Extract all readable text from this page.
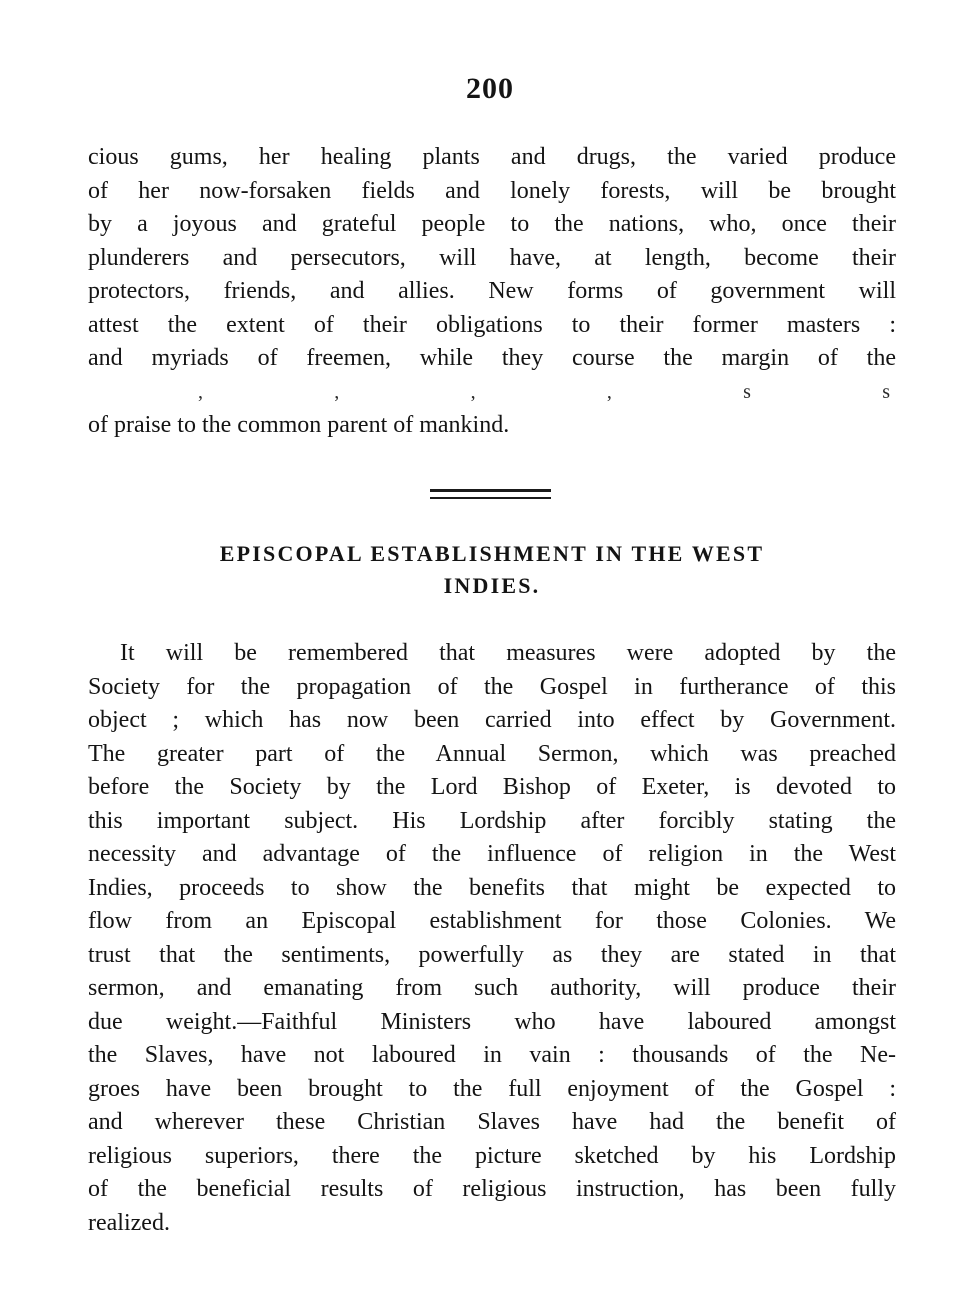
200
cious gums, her healing plants and drugs, the varied produce
of her now-forsaken fields and lonely forests, will be brought
by a joyous and grateful people to the nations, who, once their
plunderers and persecutors, will have, at length, become their
protectors, friends, and allies. New forms of government will
attest the extent of their obligations to their former masters :
and myriads of freemen, while they course the margin of the
,	,	,	,	s	s
of praise to the common parent of mankind.
EPISCOPAL ESTABLISHMENT IN THE WEST
INDIES.
It will be remembered that measures were adopted by the
Society for the propagation of the Gospel in furtherance of this
object ; which has now been carried into effect by Government.
The greater part of the Annual Sermon, which was preached
before the Society by the Lord Bishop of Exeter, is devoted to
this important subject. His Lordship after forcibly stating the
necessity and advantage of the influence of religion in the West
Indies, proceeds to show the benefits that might be expected to
flow from an Episcopal establishment for those Colonies. We
trust that the sentiments, powerfully as they are stated in that
sermon, and emanating from such authority, will produce their
due weight.—Faithful Ministers who have laboured amongst
the Slaves, have not laboured in vain : thousands of the Ne-
groes have been brought to the full enjoyment of the Gospel :
and wherever these Christian Slaves have had the benefit of
religious superiors, there the picture sketched by his Lordship
of the beneficial results of religious instruction, has been fully
realized.
